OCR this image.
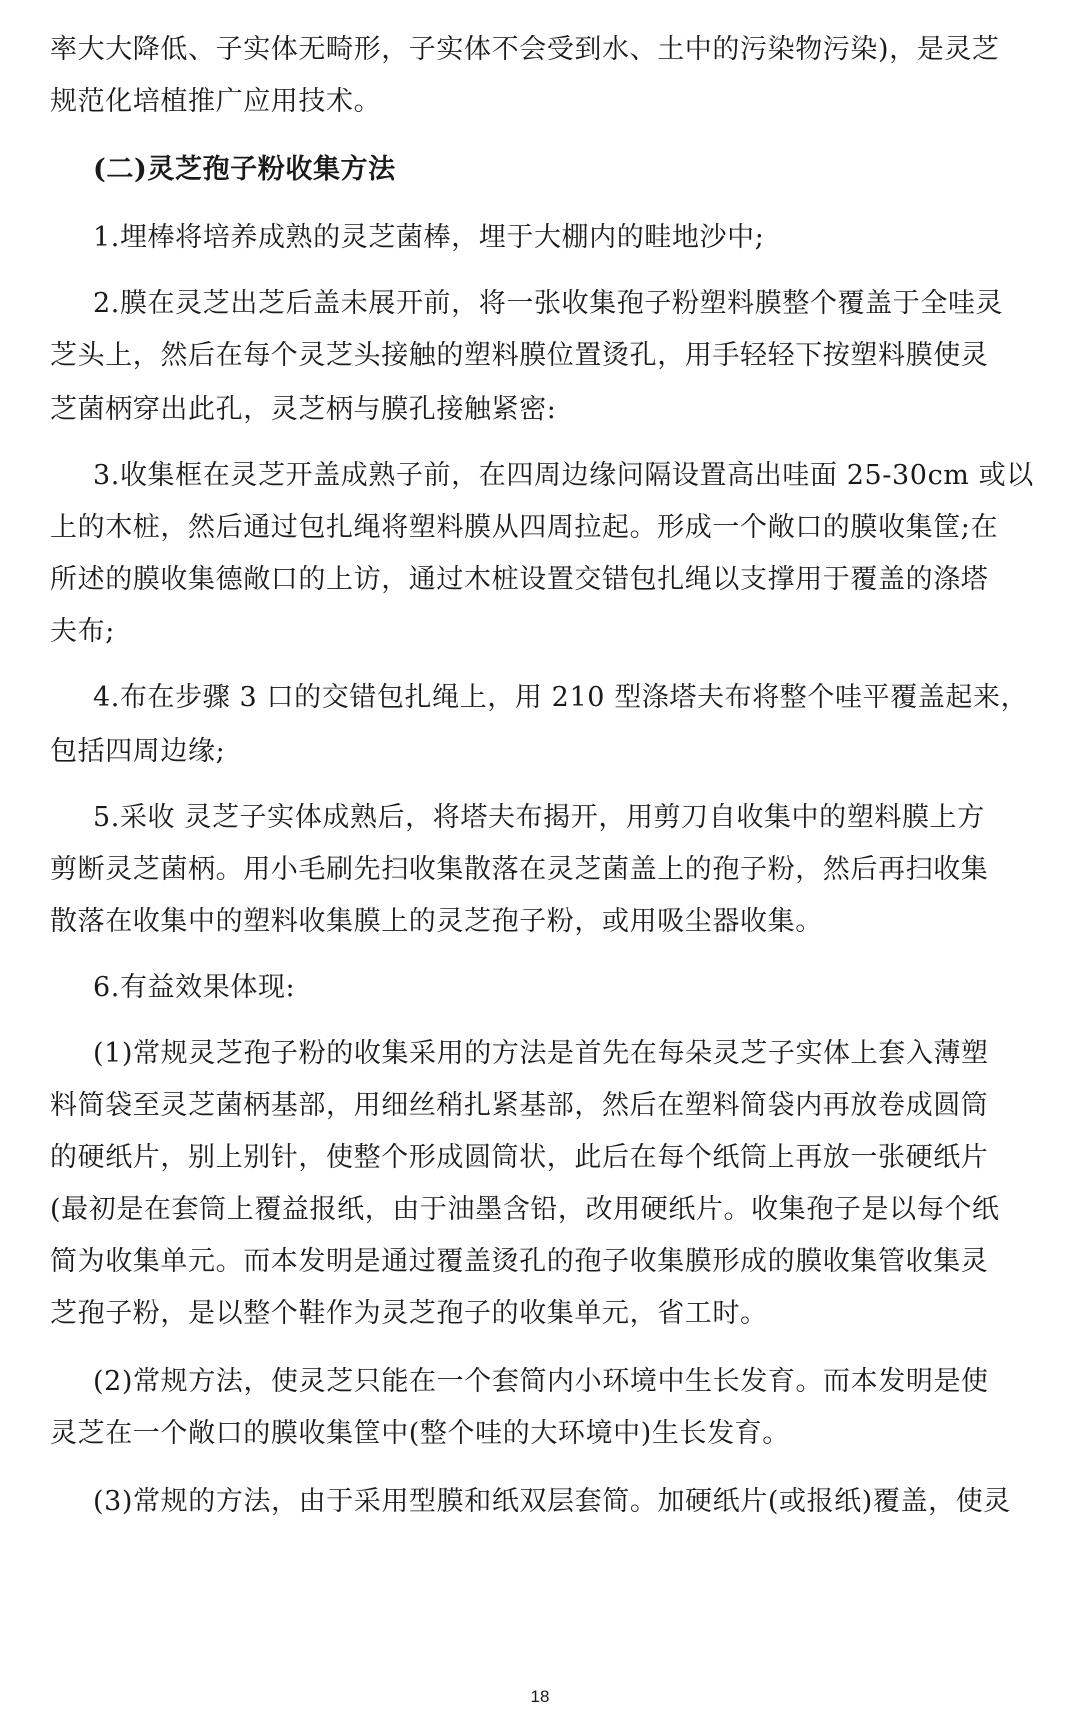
率大大降低、子实体无畸形，子实体不会受到水、土中的污染物污染)，是灵芝

规范化培植推广应用技术。

(二)灵芝孢子粉收集方法

1.埋棒将培养成熟的灵芝菌棒，埋于大棚内的畦地沙中;

2.膜在灵芝出芝后盖未展开前，将一张收集孢子粉塑料膜整个覆盖于全哇灵

芝头上，然后在每个灵芝头接触的塑料膜位置烫孔，用手轻轻下按塑料膜使灵

芝菌柄穿出此孔，灵芝柄与膜孔接触紧密:

3.收集框在灵芝开盖成熟子前，在四周边缘问隔设置高出哇面 25-30cm 或以

上的木桩，然后通过包扎绳将塑料膜从四周拉起。形成一个敞口的膜收集筐;在

所述的膜收集德敞口的上访，通过木桩设置交错包扎绳以支撑用于覆盖的涤塔

夫布;

4.布在步骤 3 口的交错包扎绳上，用 210 型涤塔夫布将整个哇平覆盖起来，

包括四周边缘;

5.采收 灵芝子实体成熟后，将塔夫布揭开，用剪刀自收集中的塑料膜上方

剪断灵芝菌柄。用小毛刷先扫收集散落在灵芝菌盖上的孢子粉，然后再扫收集

散落在收集中的塑料收集膜上的灵芝孢子粉，或用吸尘器收集。

6.有益效果体现:

(1)常规灵芝孢子粉的收集采用的方法是首先在每朵灵芝子实体上套入薄塑

料简袋至灵芝菌柄基部，用细丝稍扎紧基部，然后在塑料简袋内再放卷成圆筒

的硬纸片，别上别针，使整个形成圆筒状，此后在每个纸筒上再放一张硬纸片

(最初是在套筒上覆益报纸，由于油墨含铅，改用硬纸片。收集孢子是以每个纸

简为收集单元。而本发明是通过覆盖烫孔的孢子收集膜形成的膜收集管收集灵

芝孢子粉，是以整个鞋作为灵芝孢子的收集单元，省工时。

(2)常规方法，使灵芝只能在一个套简内小环境中生长发育。而本发明是使

灵芝在一个敞口的膜收集筐中(整个哇的大环境中)生长发育。

(3)常规的方法，由于采用型膜和纸双层套简。加硬纸片(或报纸)覆盖，使灵

18
